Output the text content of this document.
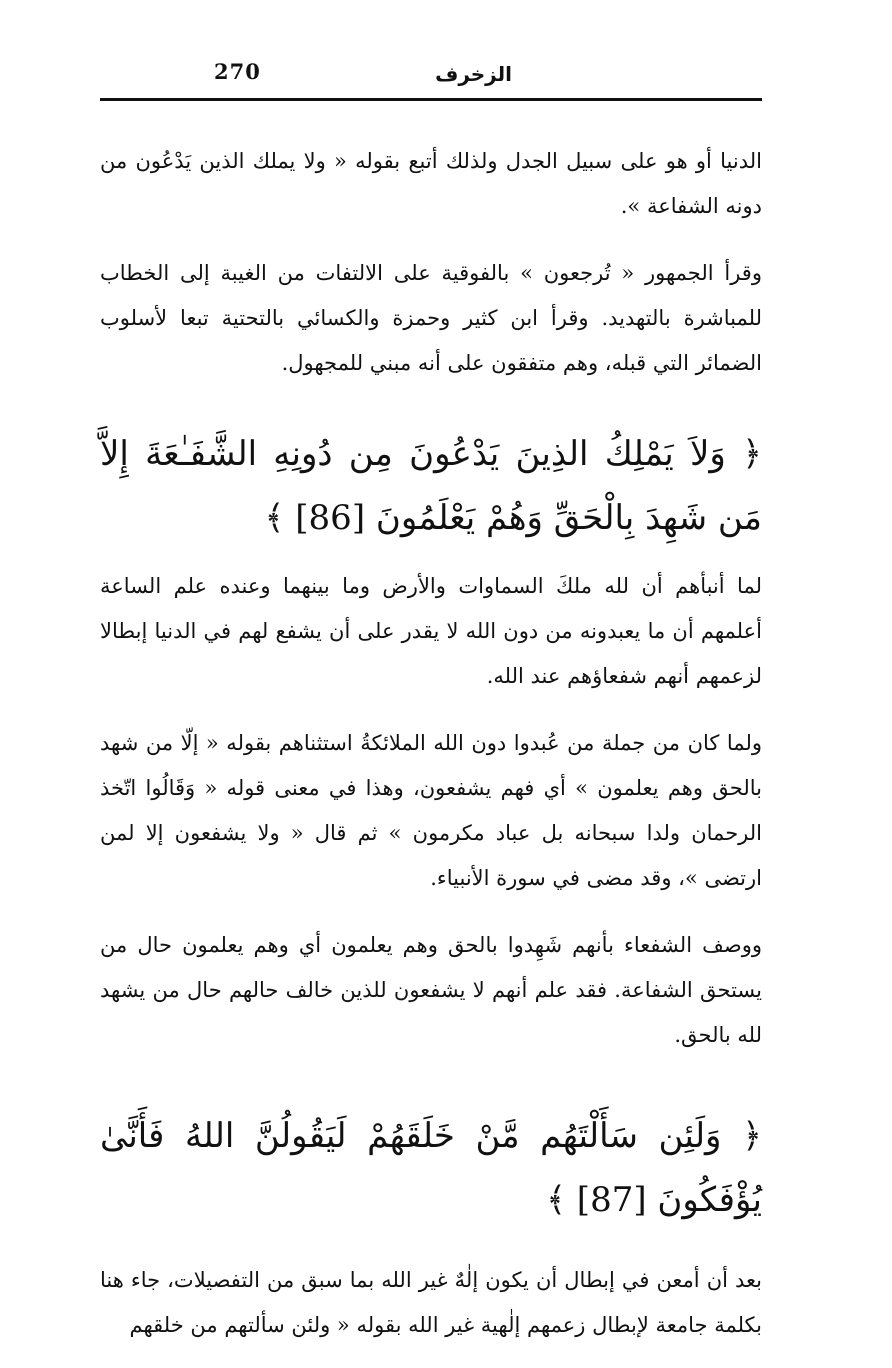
270	الزخرف

الدنيا أو هو على سبيل الجدل ولذلك أتبع بقوله « ولا يملك الذين يَدْعُون من دونه الشفاعة ».

وقرأ الجمهور « تُرجعون » بالفوقية على الالتفات من الغيبة إلى الخطاب للمباشرة بالتهديد. وقرأ ابن كثير وحمزة والكسائي بالتحتية تبعا لأسلوب الضمائر التي قبله، وهم متفقون على أنه مبني للمجهول.

﴿ وَلاَ يَمْلِكُ الذِينَ يَدْعُونَ مِن دُونِهِ الشَّفَـٰعَةَ إِلاَّ مَن شَهِدَ بِالْحَقِّ وَهُمْ يَعْلَمُونَ [86] ﴾

لما أنبأهم أن لله ملكَ السماوات والأرض وما بينهما وعنده علم الساعة أعلمهم أن ما يعبدونه من دون الله لا يقدر على أن يشفع لهم في الدنيا إبطالا لزعمهم أنهم شفعاؤهم عند الله.

ولما كان من جملة من عُبدوا دون الله الملائكةُ استثناهم بقوله « إلّا من شهد بالحق وهم يعلمون » أي فهم يشفعون، وهذا في معنى قوله « وَقَالُوا اتّخذ الرحمان ولدا سبحانه بل عباد مكرمون » ثم قال « ولا يشفعون إلا لمن ارتضى »، وقد مضى في سورة الأنبياء.

ووصف الشفعاء بأنهم شَهِدوا بالحق وهم يعلمون أي وهم يعلمون حال من يستحق الشفاعة. فقد علم أنهم لا يشفعون للذين خالف حالهم حال من يشهد لله بالحق.

﴿ وَلَئِن سَأَلْتَهُم مَّنْ خَلَقَهُمْ لَيَقُولُنَّ اللهُ فَأَنَّىٰ يُؤْفَكُونَ [87] ﴾

بعد أن أمعن في إبطال أن يكون إلٰهٌ غير الله بما سبق من التفصيلات، جاء هنا بكلمة جامعة لإبطال زعمهم إلٰهية غير الله بقوله « ولئن سألتهم من خلقهم
